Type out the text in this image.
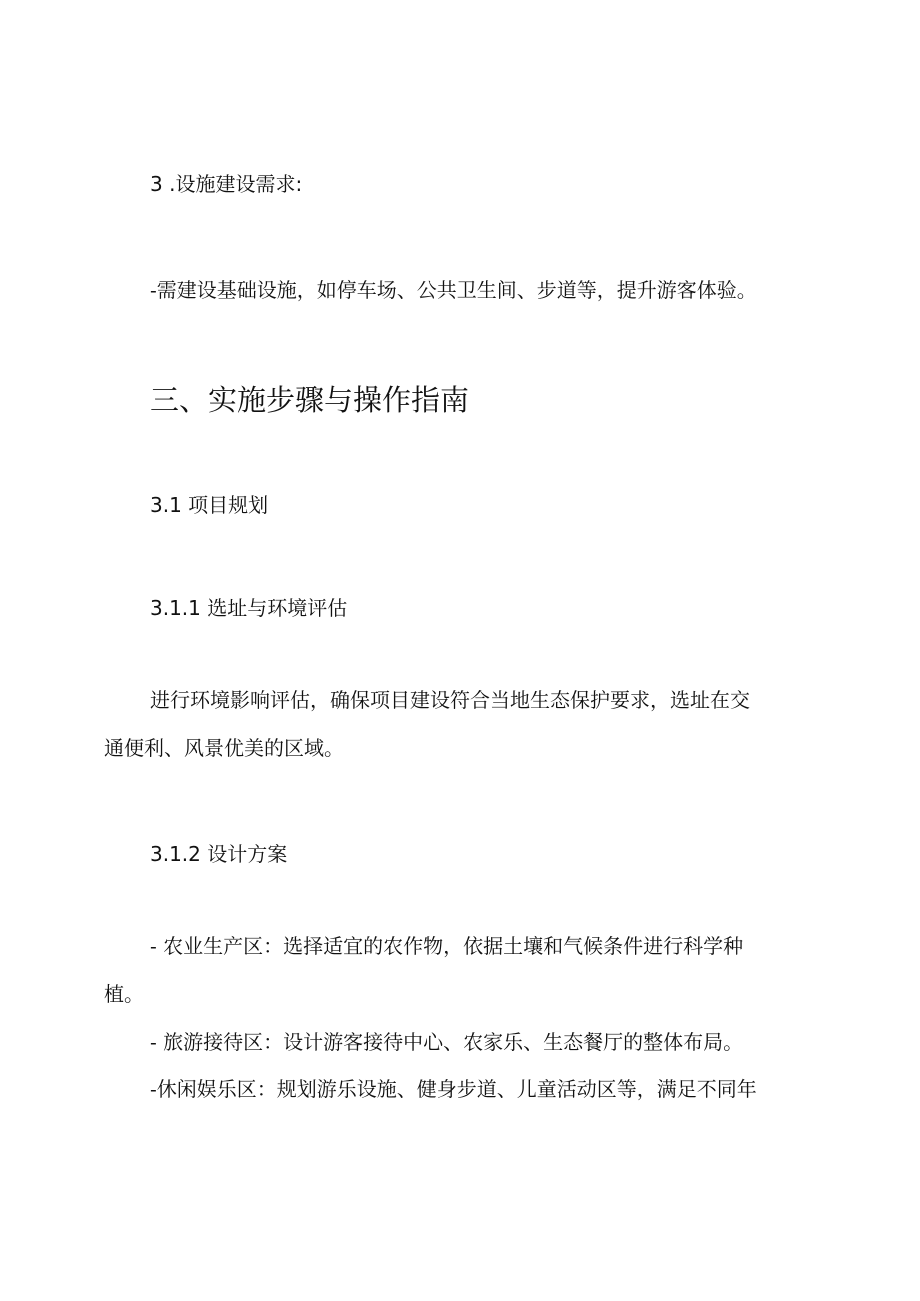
3 .设施建设需求:

-需建设基础设施，如停车场、公共卫生间、步道等，提升游客体验。

三、实施步骤与操作指南

3.1 项目规划

3.1.1 选址与环境评估

进行环境影响评估，确保项目建设符合当地生态保护要求，选址在交

通便利、风景优美的区域。

3.1.2 设计方案

- 农业生产区：选择适宜的农作物，依据土壤和气候条件进行科学种

植。

- 旅游接待区：设计游客接待中心、农家乐、生态餐厅的整体布局。

-休闲娱乐区：规划游乐设施、健身步道、儿童活动区等，满足不同年
